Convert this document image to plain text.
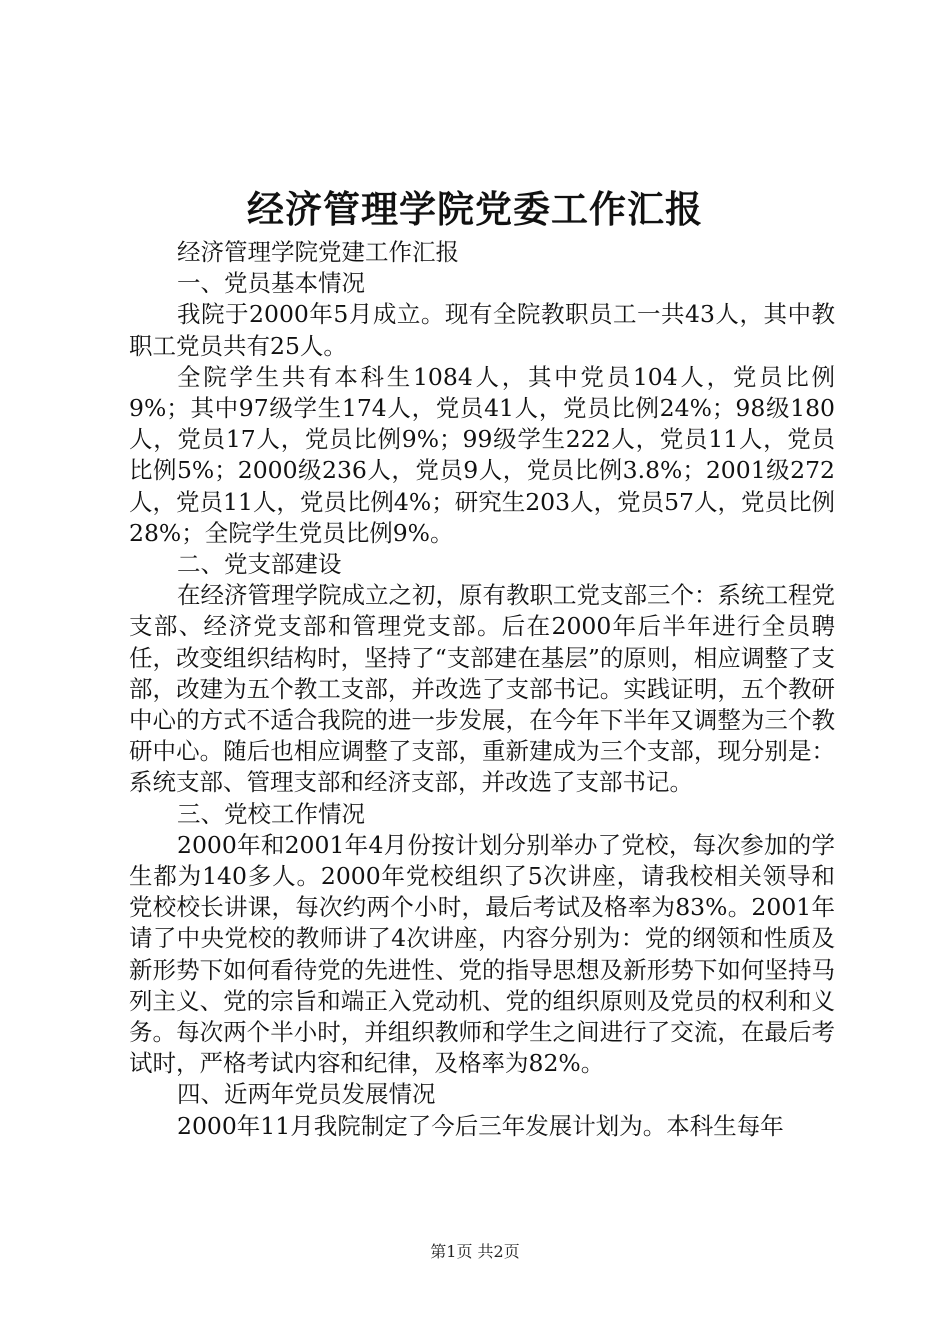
经济管理学院党委工作汇报

经济管理学院党建工作汇报

一、党员基本情况

我院于2000年5月成立。现有全院教职员工一共43人，其中教职工党员共有25人。

全院学生共有本科生1084人，其中党员104人，党员比例9%；其中97级学生174人，党员41人，党员比例24%；98级180人，党员17人，党员比例9%；99级学生222人，党员11人，党员比例5%；2000级236人，党员9人，党员比例3.8%；2001级272人，党员11人，党员比例4%；研究生203人，党员57人，党员比例28%；全院学生党员比例9%。

二、党支部建设

在经济管理学院成立之初，原有教职工党支部三个：系统工程党支部、经济党支部和管理党支部。后在2000年后半年进行全员聘任，改变组织结构时，坚持了“支部建在基层”的原则，相应调整了支部，改建为五个教工支部，并改选了支部书记。实践证明，五个教研中心的方式不适合我院的进一步发展，在今年下半年又调整为三个教研中心。随后也相应调整了支部，重新建成为三个支部，现分别是：系统支部、管理支部和经济支部，并改选了支部书记。

三、党校工作情况

2000年和2001年4月份按计划分别举办了党校，每次参加的学生都为140多人。2000年党校组织了5次讲座，请我校相关领导和党校校长讲课，每次约两个小时，最后考试及格率为83%。2001年请了中央党校的教师讲了4次讲座，内容分别为：党的纲领和性质及新形势下如何看待党的先进性、党的指导思想及新形势下如何坚持马列主义、党的宗旨和端正入党动机、党的组织原则及党员的权利和义务。每次两个半小时，并组织教师和学生之间进行了交流，在最后考试时，严格考试内容和纪律，及格率为82%。

四、近两年党员发展情况

2000年11月我院制定了今后三年发展计划为。本科生每年

第1页 共2页
